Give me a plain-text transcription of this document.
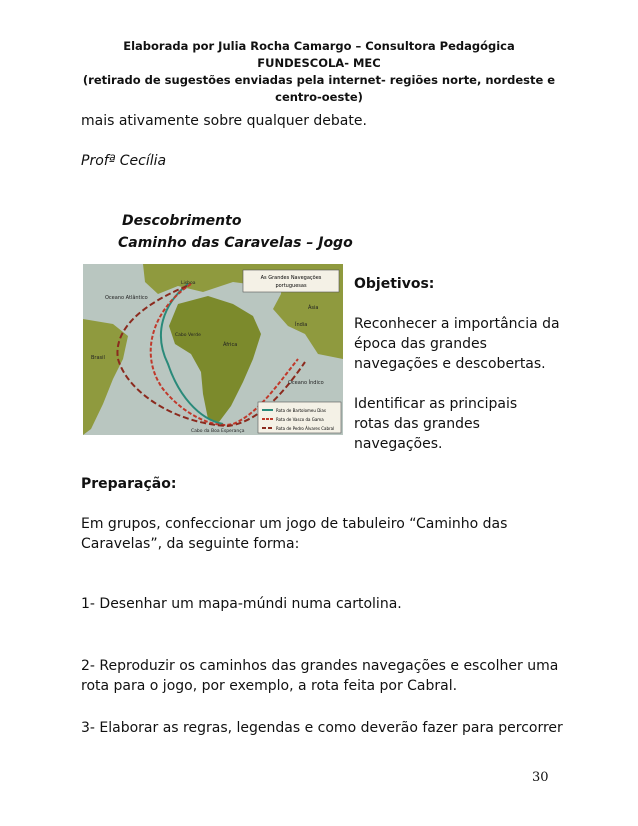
Elaborada por Julia Rocha Camargo – Consultora Pedagógica
FUNDESCOLA- MEC
(retirado de sugestões enviadas pela internet- regiões norte, nordeste e
centro-oeste)
mais ativamente sobre qualquer debate.
Profª Cecília
Descobrimento
Caminho das Caravelas – Jogo
As Grandes Navegações
portuguesas
Oceano Atlântico
África
Ásia
Índia
Brasil
Oceano Índico
Cabo Verde
Lisboa
Cabo da Boa Esperança
Rota de Bartolomeu Dias
Rota de Vasco da Gama
Rota de Pedro Álvares Cabral
Objetivos:
Reconhecer a importância da
época das grandes
navegações e descobertas.
Identificar as principais
rotas das grandes
navegações.
Preparação:
Em grupos, confeccionar um jogo de tabuleiro “Caminho das
Caravelas”, da seguinte forma:
1- Desenhar um mapa-múndi numa cartolina.
2- Reproduzir os caminhos das grandes navegações e escolher uma
rota para o jogo, por exemplo, a rota feita por Cabral.
3- Elaborar as regras, legendas e como deverão fazer para percorrer
30
